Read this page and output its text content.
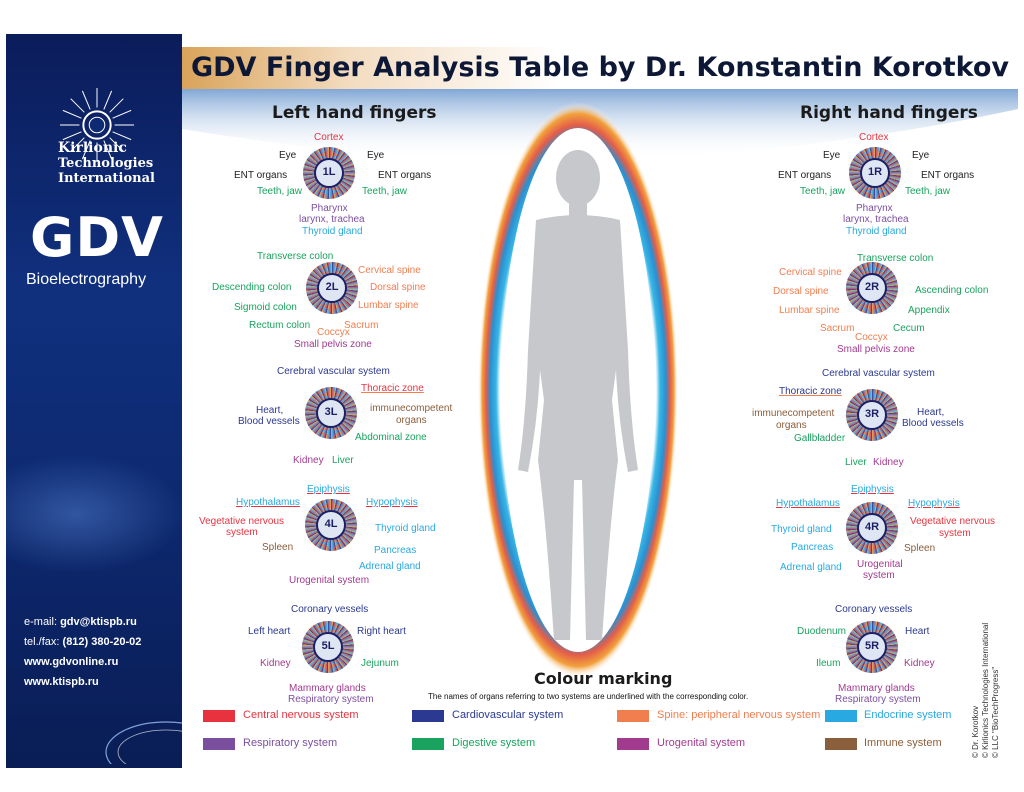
Kirlionic
Technologies
International
GDV
Bioelectrography
e-mail: gdv@ktispb.ru
tel./fax: (812) 380-20-02
www.gdvonline.ru
www.ktispb.ru
GDV Finger Analysis Table by Dr. Konstantin Korotkov
Left hand fingers	Right hand fingers
1L
Cortex
Eye	Eye
ENT organs	ENT organs
Teeth, jaw	Teeth, jaw
Pharynx
larynx, trachea
Thyroid gland
2L
Transverse colon
Cervical spine
Descending colon	Dorsal spine
Sigmoid colon	Lumbar spine
Rectum colon	Sacrum
Coccyx
Small pelvis zone
3L
Cerebral vascular system
Thoracic zone
Heart,
Blood vessels
immunecompetent
organs
Abdominal zone
Kidney Liver
4L
Epiphysis
Hypothalamus	Hypophysis
Vegetative nervous
system	Thyroid gland
Spleen	Pancreas
Adrenal gland
Urogenital system
5L
Coronary vessels
Left heart	Right heart
Kidney	Jejunum
Mammary glands
Respiratory system
1R
Cortex
Eye	Eye
ENT organs	ENT organs
Teeth, jaw	Teeth, jaw
Pharynx
larynx, trachea
Thyroid gland
2R
Transverse colon
Cervical spine
Dorsal spine	Ascending colon
Lumbar spine	Appendix
Sacrum	Cecum
Coccyx
Small pelvis zone
3R
Cerebral vascular system
Thoracic zone
immunecompetent
organs
Heart,
Blood vessels
Gallbladder
Liver Kidney
4R
Epiphysis
Hypothalamus	Hypophysis
Vegetative nervous
system
Thyroid gland
Pancreas	Spleen
Adrenal gland Urogenital
system
5R
Coronary vessels
Duodenum	Heart
Ileum	Kidney
Mammary glands
Respiratory system
Colour marking
The names of organs referring to two systems are underlined with the corresponding color.
Central nervous system	Cardiovascular system	Spine: peripheral nervous system	Endocrine system
Respiratory system	Digestive system	Urogenital system	Immune system	© Dr. Korotkov © Kirlionics Technologies International © LLC "BioTechProgress"
